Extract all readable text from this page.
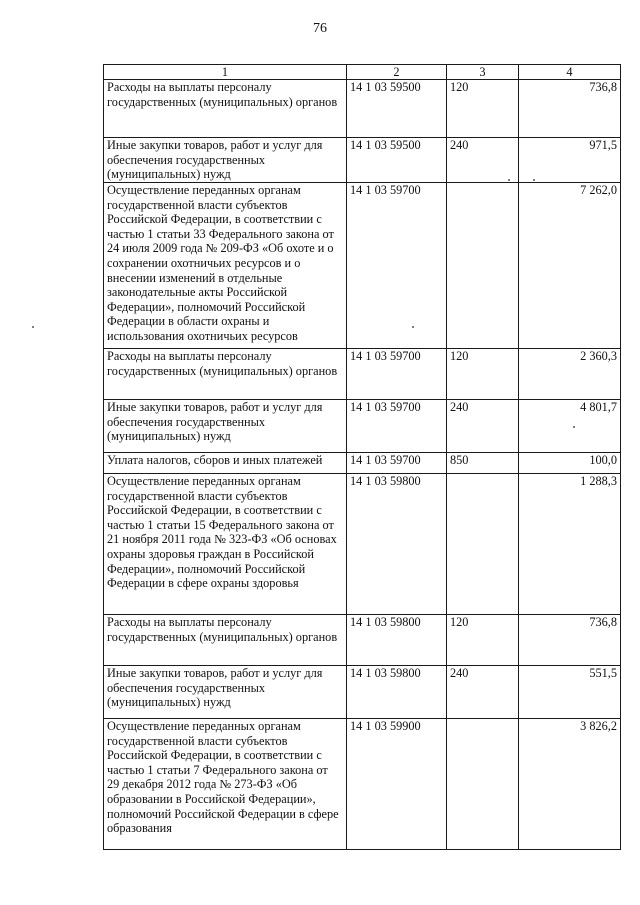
76
1	2	3	4
Расходы на выплаты персоналу государственных (муниципальных) органов	14 1 03 59500	120	736,8
Иные закупки товаров, работ и услуг для обеспечения государственных (муниципальных) нужд	14 1 03 59500	240	971,5
Осуществление переданных органам государственной власти субъектов Российской Федерации, в соответствии с частью 1 статьи 33 Федерального закона от 24 июля 2009 года № 209-ФЗ «Об охоте и о сохранении охотничьих ресурсов и о внесении изменений в отдельные законодательные акты Российской Федерации», полномочий Российской Федерации в области охраны и использования охотничьих ресурсов	14 1 03 59700		7 262,0
Расходы на выплаты персоналу государственных (муниципальных) органов	14 1 03 59700	120	2 360,3
Иные закупки товаров, работ и услуг для обеспечения государственных (муниципальных) нужд	14 1 03 59700	240	4 801,7
Уплата налогов, сборов и иных платежей	14 1 03 59700	850	100,0
Осуществление переданных органам государственной власти субъектов Российской Федерации, в соответствии с частью 1 статьи 15 Федерального закона от 21 ноября 2011 года № 323-ФЗ «Об основах охраны здоровья граждан в Российской Федерации», полномочий Российской Федерации в сфере охраны здоровья	14 1 03 59800		1 288,3
Расходы на выплаты персоналу государственных (муниципальных) органов	14 1 03 59800	120	736,8
Иные закупки товаров, работ и услуг для обеспечения государственных (муниципальных) нужд	14 1 03 59800	240	551,5
Осуществление переданных органам государственной власти субъектов Российской Федерации, в соответствии с частью 1 статьи 7 Федерального закона от 29 декабря 2012 года № 273-ФЗ «Об образовании в Российской Федерации», полномочий Российской Федерации в сфере образования	14 1 03 59900		3 826,2
